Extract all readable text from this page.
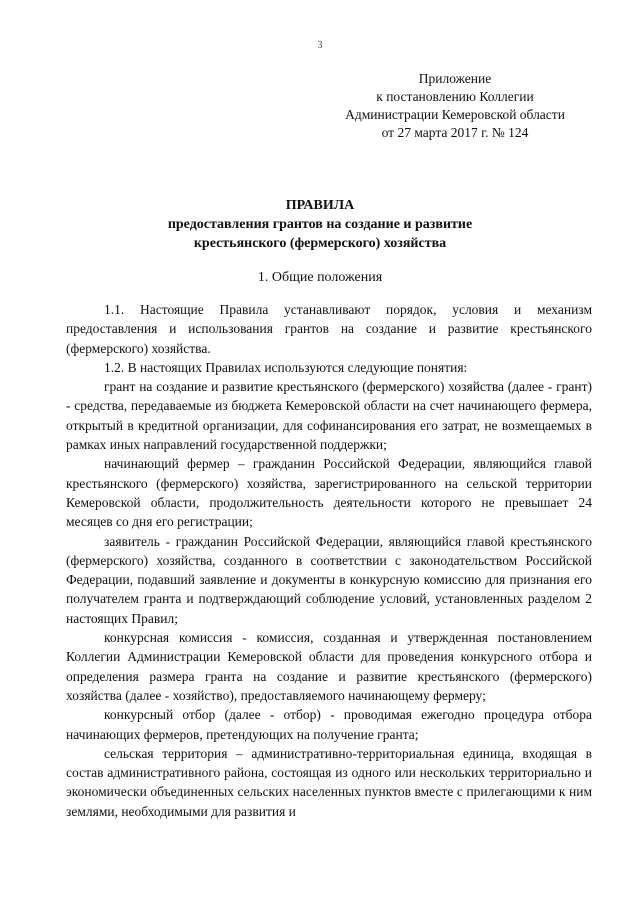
3
Приложение
к постановлению Коллегии
Администрации Кемеровской области
от 27 марта 2017 г. № 124
ПРАВИЛА
предоставления грантов на создание и развитие
крестьянского (фермерского) хозяйства
1. Общие положения

1.1. Настоящие Правила устанавливают порядок, условия и механизм предоставления и использования грантов на создание и развитие крестьянского (фермерского) хозяйства.

1.2. В настоящих Правилах используются следующие понятия:

грант на создание и развитие крестьянского (фермерского) хозяйства (далее - грант) - средства, передаваемые из бюджета Кемеровской области на счет начинающего фермера, открытый в кредитной организации, для софинансирования его затрат, не возмещаемых в рамках иных направлений государственной поддержки;

начинающий фермер – гражданин Российской Федерации, являющийся главой крестьянского (фермерского) хозяйства, зарегистрированного на сельской территории Кемеровской области, продолжительность деятельности которого не превышает 24 месяцев со дня его регистрации;

заявитель - гражданин Российской Федерации, являющийся главой крестьянского (фермерского) хозяйства, созданного в соответствии с законодательством Российской Федерации, подавший заявление и документы в конкурсную комиссию для признания его получателем гранта и подтверждающий соблюдение условий, установленных разделом 2 настоящих Правил;

конкурсная комиссия - комиссия, созданная и утвержденная постановлением Коллегии Администрации Кемеровской области для проведения конкурсного отбора и определения размера гранта на создание и развитие крестьянского (фермерского) хозяйства (далее - хозяйство), предоставляемого начинающему фермеру;

конкурсный отбор (далее - отбор) - проводимая ежегодно процедура отбора начинающих фермеров, претендующих на получение гранта;

сельская территория – административно-территориальная единица, входящая в состав административного района, состоящая из одного или нескольких территориально и экономически объединенных сельских населенных пунктов вместе с прилегающими к ним землями, необходимыми для развития и
